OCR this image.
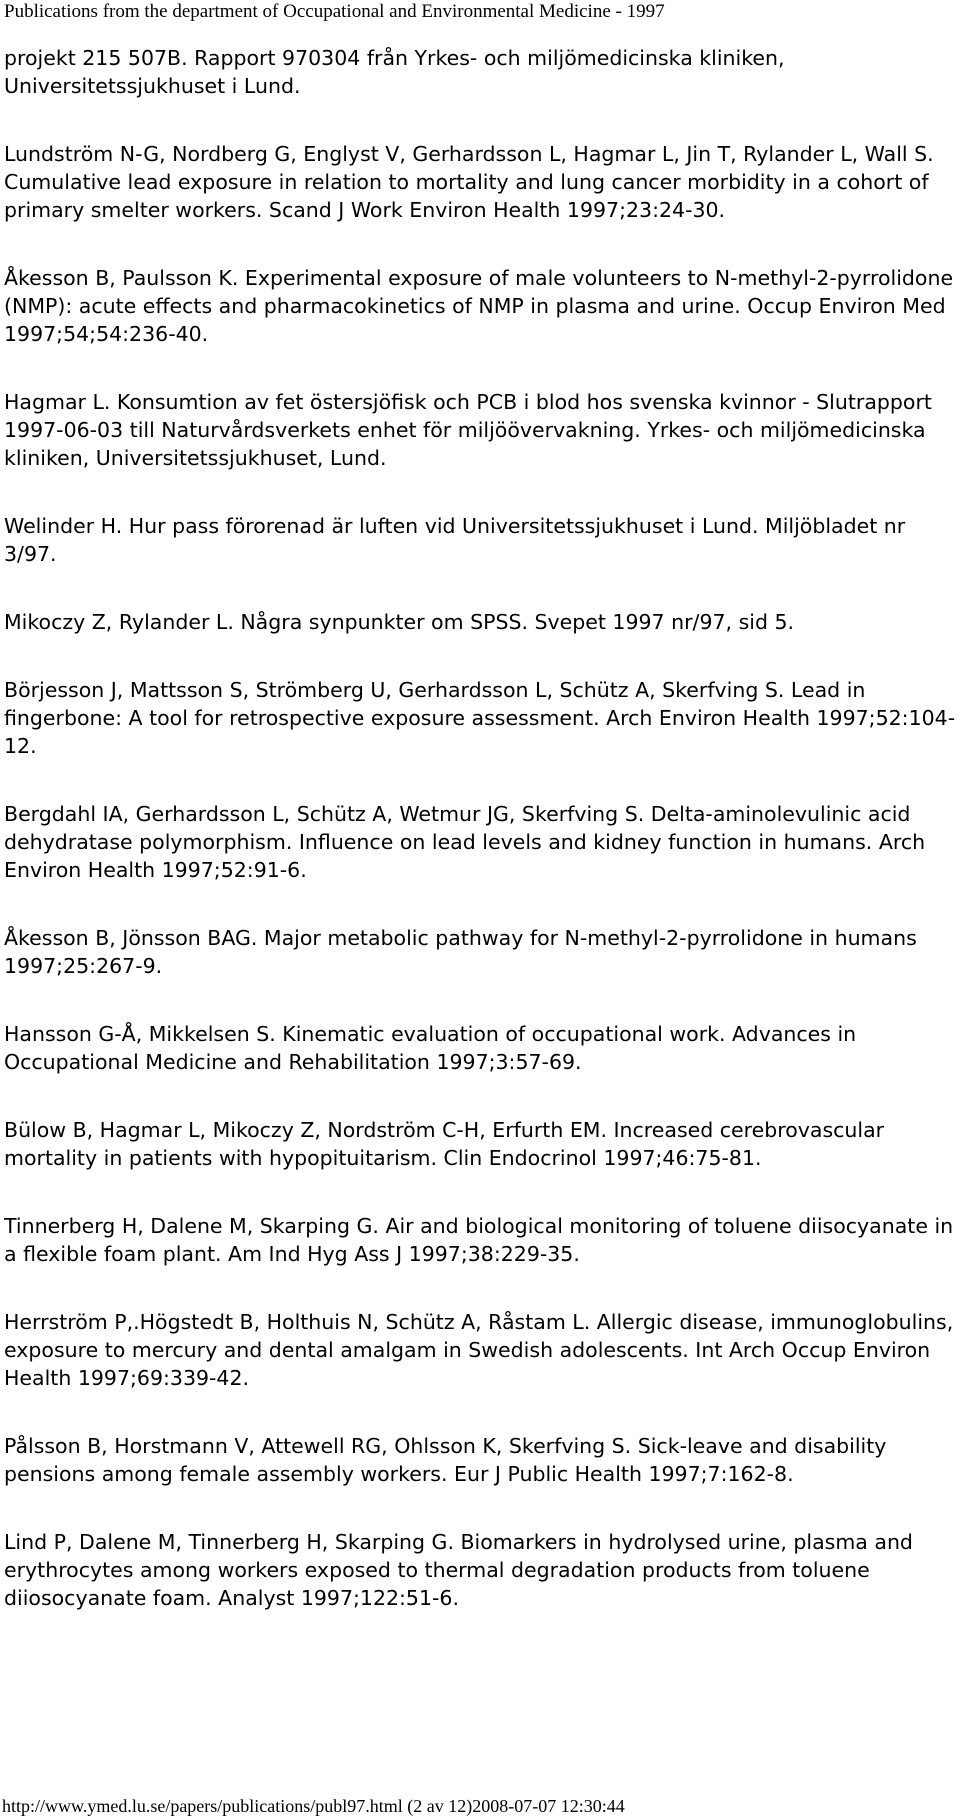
Publications from the department of Occupational and Environmental Medicine - 1997

projekt 215 507B. Rapport 970304 från Yrkes- och miljömedicinska kliniken, Universitetssjukhuset i Lund.

Lundström N-G, Nordberg G, Englyst V, Gerhardsson L, Hagmar L, Jin T, Rylander L, Wall S. Cumulative lead exposure in relation to mortality and lung cancer morbidity in a cohort of primary smelter workers. Scand J Work Environ Health 1997;23:24-30.

Åkesson B, Paulsson K. Experimental exposure of male volunteers to N-methyl-2-pyrrolidone (NMP): acute effects and pharmacokinetics of NMP in plasma and urine. Occup Environ Med 1997;54;54:236-40.

Hagmar L. Konsumtion av fet östersjöfisk och PCB i blod hos svenska kvinnor - Slutrapport 1997-06-03 till Naturvårdsverkets enhet för miljöövervakning. Yrkes- och miljömedicinska kliniken, Universitetssjukhuset, Lund.

Welinder H. Hur pass förorenad är luften vid Universitetssjukhuset i Lund. Miljöbladet nr 3/97.

Mikoczy Z, Rylander L. Några synpunkter om SPSS. Svepet 1997 nr/97, sid 5.

Börjesson J, Mattsson S, Strömberg U, Gerhardsson L, Schütz A, Skerfving S. Lead in fingerbone: A tool for retrospective exposure assessment. Arch Environ Health 1997;52:104-12.

Bergdahl IA, Gerhardsson L, Schütz A, Wetmur JG, Skerfving S. Delta-aminolevulinic acid dehydratase polymorphism. Influence on lead levels and kidney function in humans. Arch Environ Health 1997;52:91-6.

Åkesson B, Jönsson BAG. Major metabolic pathway for N-methyl-2-pyrrolidone in humans 1997;25:267-9.

Hansson G-Å, Mikkelsen S. Kinematic evaluation of occupational work. Advances in Occupational Medicine and Rehabilitation 1997;3:57-69.

Bülow B, Hagmar L, Mikoczy Z, Nordström C-H, Erfurth EM. Increased cerebrovascular mortality in patients with hypopituitarism. Clin Endocrinol 1997;46:75-81.

Tinnerberg H, Dalene M, Skarping G. Air and biological monitoring of toluene diisocyanate in a flexible foam plant. Am Ind Hyg Ass J 1997;38:229-35.

Herrström P,.Högstedt B, Holthuis N, Schütz A, Råstam L. Allergic disease, immunoglobulins, exposure to mercury and dental amalgam in Swedish adolescents. Int Arch Occup Environ Health 1997;69:339-42.

Pålsson B, Horstmann V, Attewell RG, Ohlsson K, Skerfving S. Sick-leave and disability pensions among female assembly workers. Eur J Public Health 1997;7:162-8.

Lind P, Dalene M, Tinnerberg H, Skarping G. Biomarkers in hydrolysed urine, plasma and erythrocytes among workers exposed to thermal degradation products from toluene diiosocyanate foam. Analyst 1997;122:51-6.

http://www.ymed.lu.se/papers/publications/publ97.html (2 av 12)2008-07-07 12:30:44
